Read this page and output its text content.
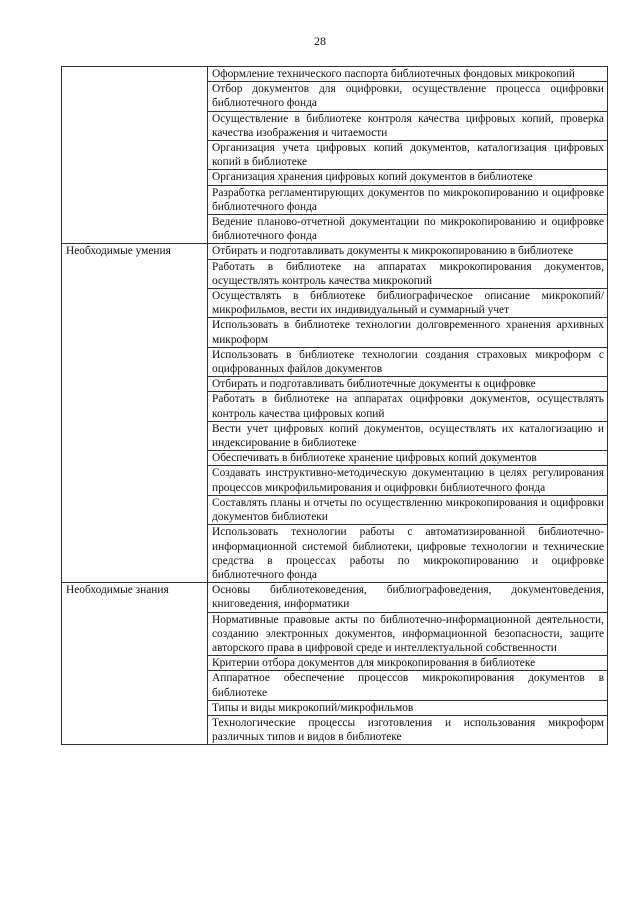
28
	Оформление технического паспорта библиотечных фондовых микрокопий
	Отбор документов для оцифровки, осуществление процесса оцифровки библиотечного фонда
	Осуществление в библиотеке контроля качества цифровых копий, проверка качества изображения и читаемости
	Организация учета цифровых копий документов, каталогизация цифровых копий в библиотеке
	Организация хранения цифровых копий документов в библиотеке
	Разработка регламентирующих документов по микрокопированию и оцифровке библиотечного фонда
	Ведение планово-отчетной документации по микрокопированию и оцифровке библиотечного фонда
Необходимые умения	Отбирать и подготавливать документы к микрокопированию в библиотеке
	Работать в библиотеке на аппаратах микрокопирования документов, осуществлять контроль качества микрокопий
	Осуществлять в библиотеке библиографическое описание микрокопий/микрофильмов, вести их индивидуальный и суммарный учет
	Использовать в библиотеке технологии долговременного хранения архивных микроформ
	Использовать в библиотеке технологии создания страховых микроформ с оцифрованных файлов документов
	Отбирать и подготавливать библиотечные документы к оцифровке
	Работать в библиотеке на аппаратах оцифровки документов, осуществлять контроль качества цифровых копий
	Вести учет цифровых копий документов, осуществлять их каталогизацию и индексирование в библиотеке
	Обеспечивать в библиотеке хранение цифровых копий документов
	Создавать инструктивно-методическую документацию в целях регулирования процессов микрофильмирования и оцифровки библиотечного фонда
	Составлять планы и отчеты по осуществлению микрокопирования и оцифровки документов библиотеки
	Использовать технологии работы с автоматизированной библиотечно-информационной системой библиотеки, цифровые технологии и технические средства в процессах работы по микрокопированию и оцифровке библиотечного фонда
Необходимые знания	Основы библиотековедения, библиографоведения, документоведения, книговедения, информатики
	Нормативные правовые акты по библиотечно-информационной деятельности, созданию электронных документов, информационной безопасности, защите авторского права в цифровой среде и интеллектуальной собственности
	Критерии отбора документов для микрокопирования в библиотеке
	Аппаратное обеспечение процессов микрокопирования документов в библиотеке
	Типы и виды микрокопий/микрофильмов
	Технологические процессы изготовления и использования микроформ различных типов и видов в библиотеке
